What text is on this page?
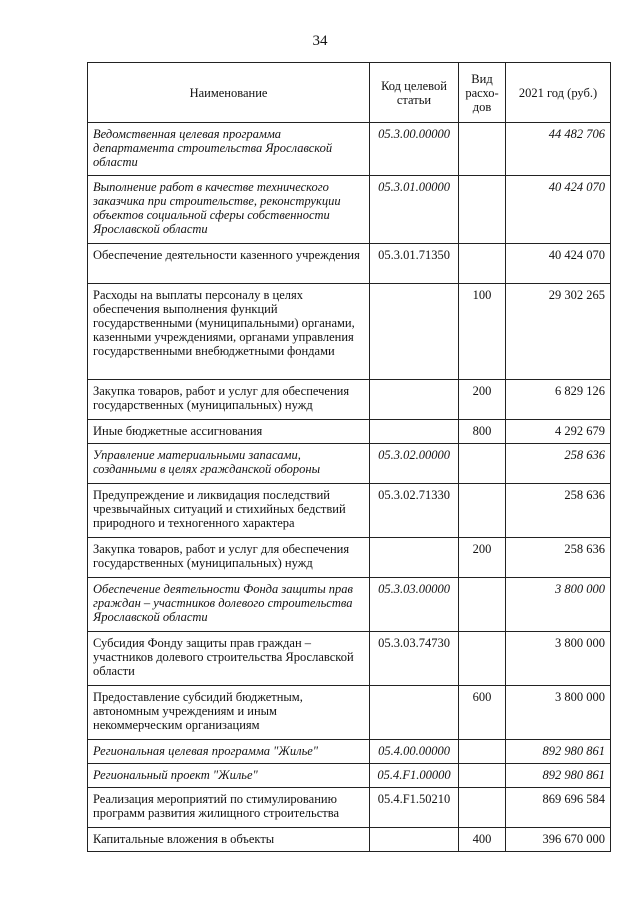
34
Наименование	Код целевой статьи	Вид расхо-дов	2021 год (руб.)
Ведомственная целевая программа департамента строительства Ярославской области	05.3.00.00000		44 482 706
Выполнение работ в качестве технического заказчика при строительстве, реконструкции объектов социальной сферы собственности Ярославской области	05.3.01.00000		40 424 070
Обеспечение деятельности казенного учреждения	05.3.01.71350		40 424 070
Расходы на выплаты персоналу в целях обеспечения выполнения функций государственными (муниципальными) органами, казенными учреждениями, органами управления государственными внебюджетными фондами		100	29 302 265
Закупка товаров, работ и услуг для обеспечения государственных (муниципальных) нужд		200	6 829 126
Иные бюджетные ассигнования		800	4 292 679
Управление материальными запасами, созданными в целях гражданской обороны	05.3.02.00000		258 636
Предупреждение и ликвидация последствий чрезвычайных ситуаций и стихийных бедствий природного и техногенного характера	05.3.02.71330		258 636
Закупка товаров, работ и услуг для обеспечения государственных (муниципальных) нужд		200	258 636
Обеспечение деятельности Фонда защиты прав граждан – участников долевого строительства Ярославской области	05.3.03.00000		3 800 000
Субсидия Фонду защиты прав граждан – участников долевого строительства Ярославской области	05.3.03.74730		3 800 000
Предоставление субсидий бюджетным, автономным учреждениям и иным некоммерческим организациям		600	3 800 000
Региональная целевая программа "Жилье"	05.4.00.00000		892 980 861
Региональный проект "Жилье"	05.4.F1.00000		892 980 861
Реализация мероприятий по стимулированию программ развития жилищного строительства	05.4.F1.50210		869 696 584
Капитальные вложения в объекты		400	396 670 000
